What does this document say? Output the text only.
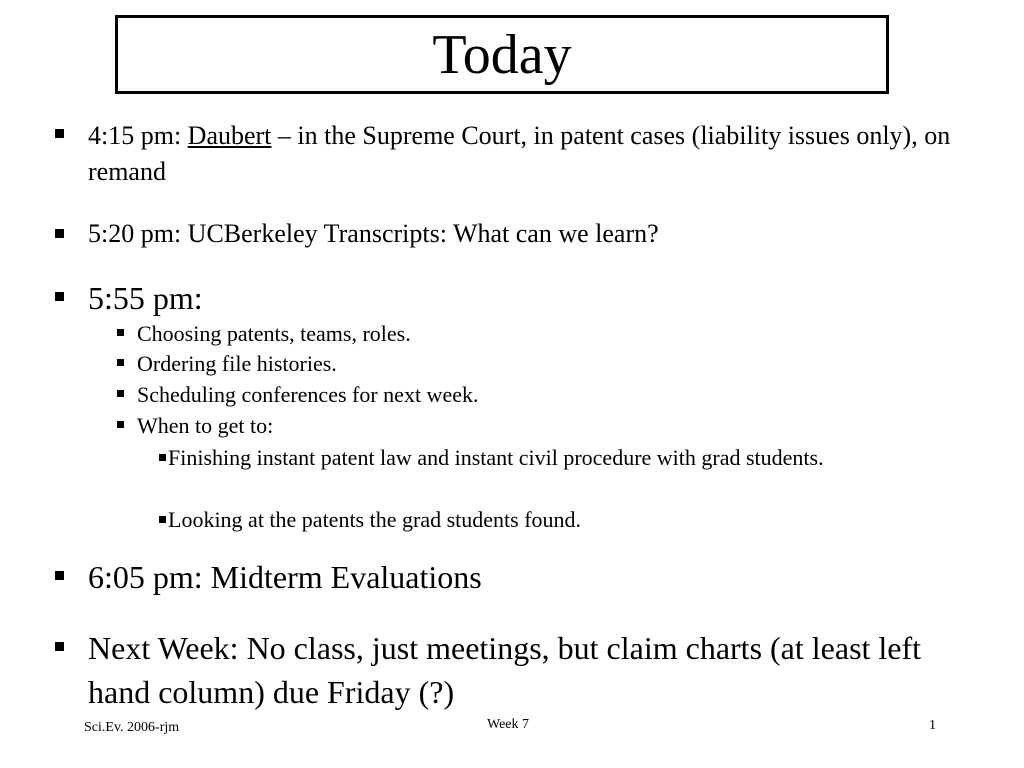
Today
4:15 pm: Daubert – in the Supreme Court, in patent cases (liability issues only), on remand
5:20 pm: UCBerkeley Transcripts: What can we learn?
5:55 pm:
Choosing patents, teams, roles.
Ordering file histories.
Scheduling conferences for next week.
When to get to:
Finishing instant patent law and instant civil procedure with grad students.
Looking at the patents the grad students found.
6:05 pm: Midterm Evaluations
Next Week: No class, just meetings, but claim charts (at least left hand column) due Friday (?)
Sci.Ev. 2006-rjm	Week 7	1
